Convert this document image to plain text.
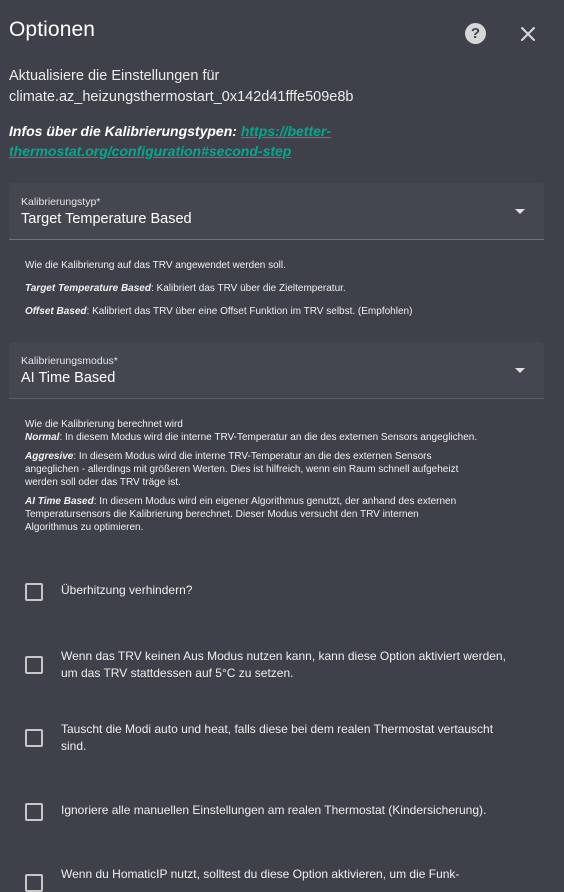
Optionen	?
Aktualisiere die Einstellungen für
climate.az_heizungsthermostart_0x142d41fffe509e8b
Infos über die Kalibrierungstypen: https://better-
thermostat.org/configuration#second-step
Kalibrierungstyp*
Target Temperature Based
Wie die Kalibrierung auf das TRV angewendet werden soll.
Target Temperature Based: Kalibriert das TRV über die Zieltemperatur.
Offset Based: Kalibriert das TRV über eine Offset Funktion im TRV selbst. (Empfohlen)
Kalibrierungsmodus*
AI Time Based
Wie die Kalibrierung berechnet wird
Normal: In diesem Modus wird die interne TRV-Temperatur an die des externen Sensors angeglichen.
Aggresive: In diesem Modus wird die interne TRV-Temperatur an die des externen Sensors
angeglichen - allerdings mit größeren Werten. Dies ist hilfreich, wenn ein Raum schnell aufgeheizt
werden soll oder das TRV träge ist.
AI Time Based: In diesem Modus wird ein eigener Algorithmus genutzt, der anhand des externen
Temperatursensors die Kalibrierung berechnet. Dieser Modus versucht den TRV internen
Algorithmus zu optimieren.
Überhitzung verhindern?
Wenn das TRV keinen Aus Modus nutzen kann, kann diese Option aktiviert werden,
um das TRV stattdessen auf 5°C zu setzen.
Tauscht die Modi auto und heat, falls diese bei dem realen Thermostat vertauscht
sind.
Ignoriere alle manuellen Einstellungen am realen Thermostat (Kindersicherung).
Wenn du HomaticIP nutzt, solltest du diese Option aktivieren, um die Funk-
